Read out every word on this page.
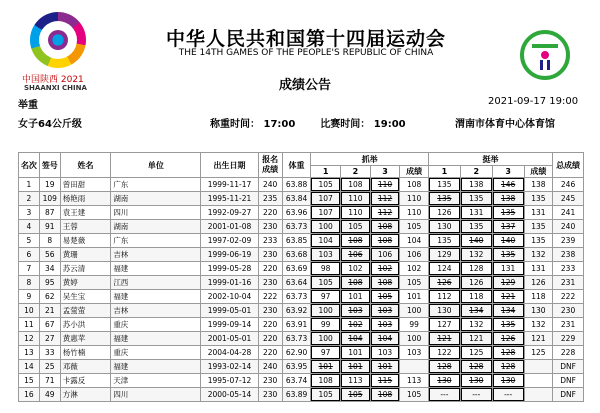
中国陕西 2021
SHAANXI CHINA
中华人民共和国第十四届运动会
THE 14TH GAMES OF THE PEOPLE'S REPUBLIC OF CHINA
成绩公告
举重	2021-09-17 19:00
女子64公斤级	称重时间： 17:00 比赛时间： 19:00	渭南市体育中心体育馆
名次	签号	姓名	单位	出生日期	报名成绩	体重	抓举				挺举				总成绩
							1	2	3	成绩	1	2	3	成绩	
1	19	曾田甜	广东	1999-11-17	240	63.88	105	108	110	108	135	138	146	138	246
2	109	杨艳雨	湖南	1995-11-21	235	63.84	107	110	112	110	135	135	138	135	245
3	87	袁王建	四川	1992-09-27	220	63.96	107	110	112	110	126	131	135	131	241
4	91	王蓉	湖南	2001-01-08	230	63.73	100	105	108	105	130	135	137	135	240
5	8	易楚薇	广东	1997-02-09	233	63.85	104	108	108	104	135	140	140	135	239
6	56	黄珊	吉林	1999-06-19	230	63.68	103	106	106	106	129	132	135	132	238
7	34	苏云清	福建	1999-05-28	220	63.69	98	102	102	102	124	128	131	131	233
8	95	黄婷	江西	1999-01-16	230	63.64	105	108	108	105	126	126	129	126	231
9	62	吴生宝	福建	2002-10-04	222	63.73	97	101	105	101	112	118	121	118	222
10	21	孟萤萤	吉林	1999-05-01	230	63.92	100	103	103	100	130	134	134	130	230
11	67	苏小洪	重庆	1999-09-14	220	63.91	99	102	103	99	127	132	135	132	231
12	27	黄惠苹	福建	2001-05-01	220	63.73	100	104	104	100	121	121	126	121	229
13	33	杨竹楠	重庆	2004-04-28	220	62.90	97	101	103	103	122	125	128	125	228
14	25	邓薇	福建	1993-02-14	240	63.95	101	101	101		128	128	128		DNF
15	71	卡露反	天津	1995-07-12	230	63.74	108	113	115	113	130	130	130		DNF
16	49	方淋	四川	2000-05-14	230	63.89	105	105	108	105	---	---	---		DNF
